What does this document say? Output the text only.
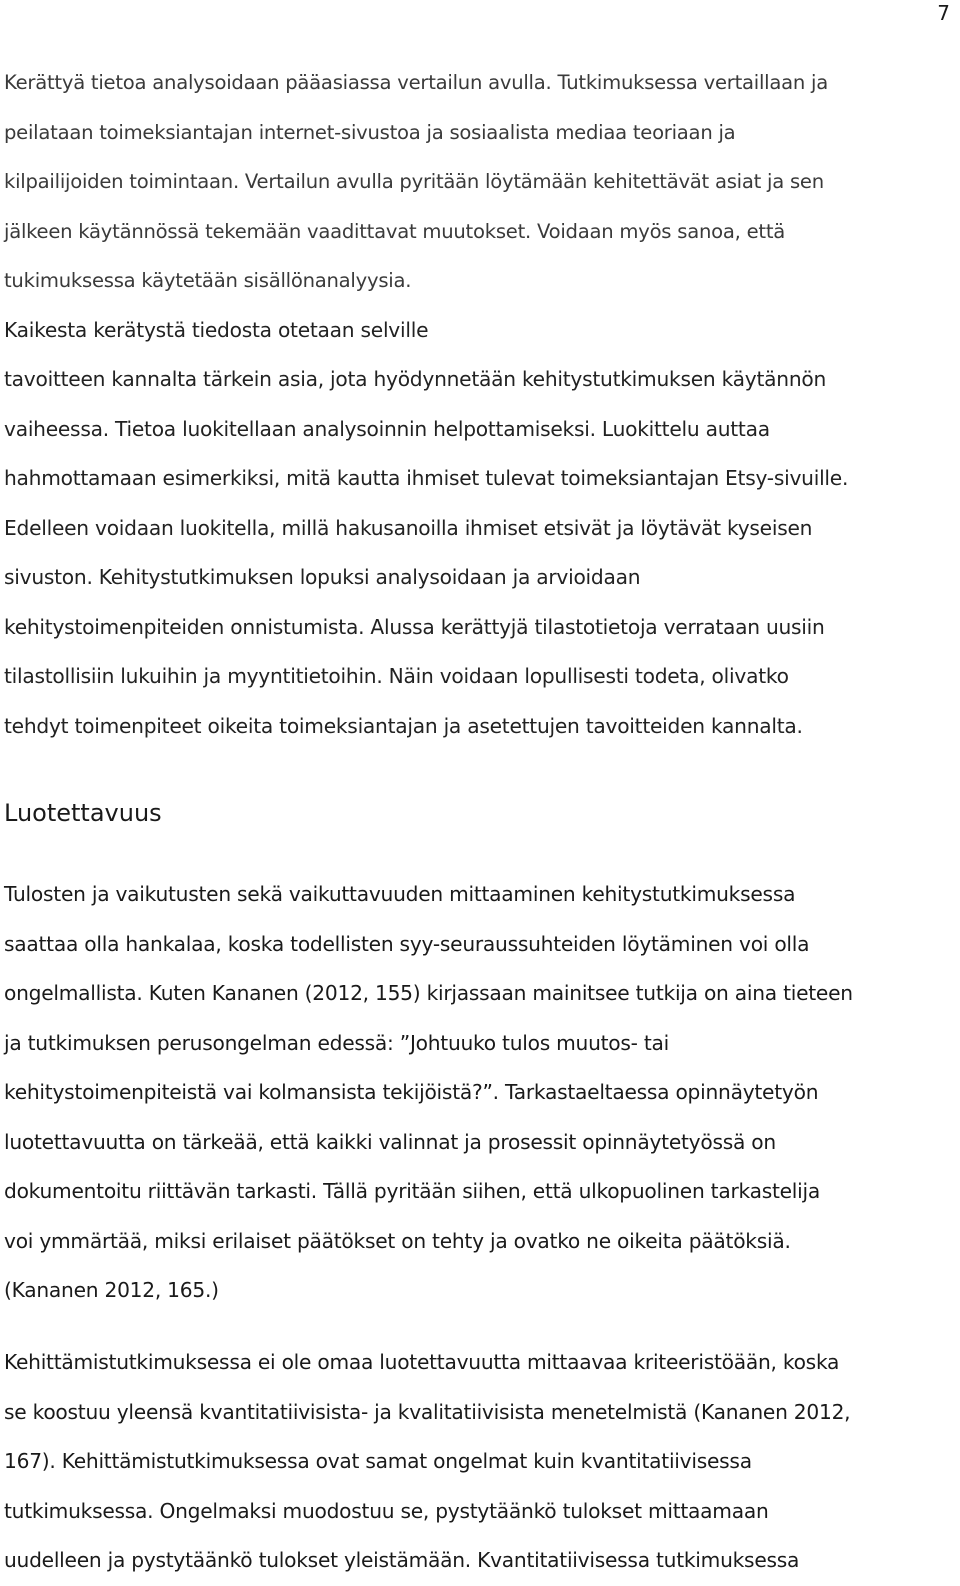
7

Kerättyä tietoa analysoidaan pääasiassa vertailun avulla. Tutkimuksessa vertaillaan ja
peilataan toimeksiantajan internet-sivustoa ja sosiaalista mediaa teoriaan ja
kilpailijoiden toimintaan. Vertailun avulla pyritään löytämään kehitettävät asiat ja sen
jälkeen käytännössä tekemään vaadittavat muutokset. Voidaan myös sanoa, että
tukimuksessa käytetään sisällönanalyysia.

Kaikesta kerätystä tiedosta otetaan selville
tavoitteen kannalta tärkein asia, jota hyödynnetään kehitystutkimuksen käytännön
vaiheessa. Tietoa luokitellaan analysoinnin helpottamiseksi. Luokittelu auttaa
hahmottamaan esimerkiksi, mitä kautta ihmiset tulevat toimeksiantajan Etsy-sivuille.
Edelleen voidaan luokitella, millä hakusanoilla ihmiset etsivät ja löytävät kyseisen
sivuston. Kehitystutkimuksen lopuksi analysoidaan ja arvioidaan
kehitystoimenpiteiden onnistumista. Alussa kerättyjä tilastotietoja verrataan uusiin
tilastollisiin lukuihin ja myyntitietoihin. Näin voidaan lopullisesti todeta, olivatko
tehdyt toimenpiteet oikeita toimeksiantajan ja asetettujen tavoitteiden kannalta.

Luotettavuus

Tulosten ja vaikutusten sekä vaikuttavuuden mittaaminen kehitystutkimuksessa
saattaa olla hankalaa, koska todellisten syy-seuraussuhteiden löytäminen voi olla
ongelmallista. Kuten Kananen (2012, 155) kirjassaan mainitsee tutkija on aina tieteen
ja tutkimuksen perusongelman edessä: ”Johtuuko tulos muutos- tai
kehitystoimenpiteistä vai kolmansista tekijöistä?”. Tarkastaeltaessa opinnäytetyön
luotettavuutta on tärkeää, että kaikki valinnat ja prosessit opinnäytetyössä on
dokumentoitu riittävän tarkasti. Tällä pyritään siihen, että ulkopuolinen tarkastelija
voi ymmärtää, miksi erilaiset päätökset on tehty ja ovatko ne oikeita päätöksiä.
(Kananen 2012, 165.)

Kehittämistutkimuksessa ei ole omaa luotettavuutta mittaavaa kriteeristöään, koska
se koostuu yleensä kvantitatiivisista- ja kvalitatiivisista menetelmistä (Kananen 2012,
167). Kehittämistutkimuksessa ovat samat ongelmat kuin kvantitatiivisessa
tutkimuksessa. Ongelmaksi muodostuu se, pystytäänkö tulokset mittaamaan
uudelleen ja pystytäänkö tulokset yleistämään. Kvantitatiivisessa tutkimuksessa
